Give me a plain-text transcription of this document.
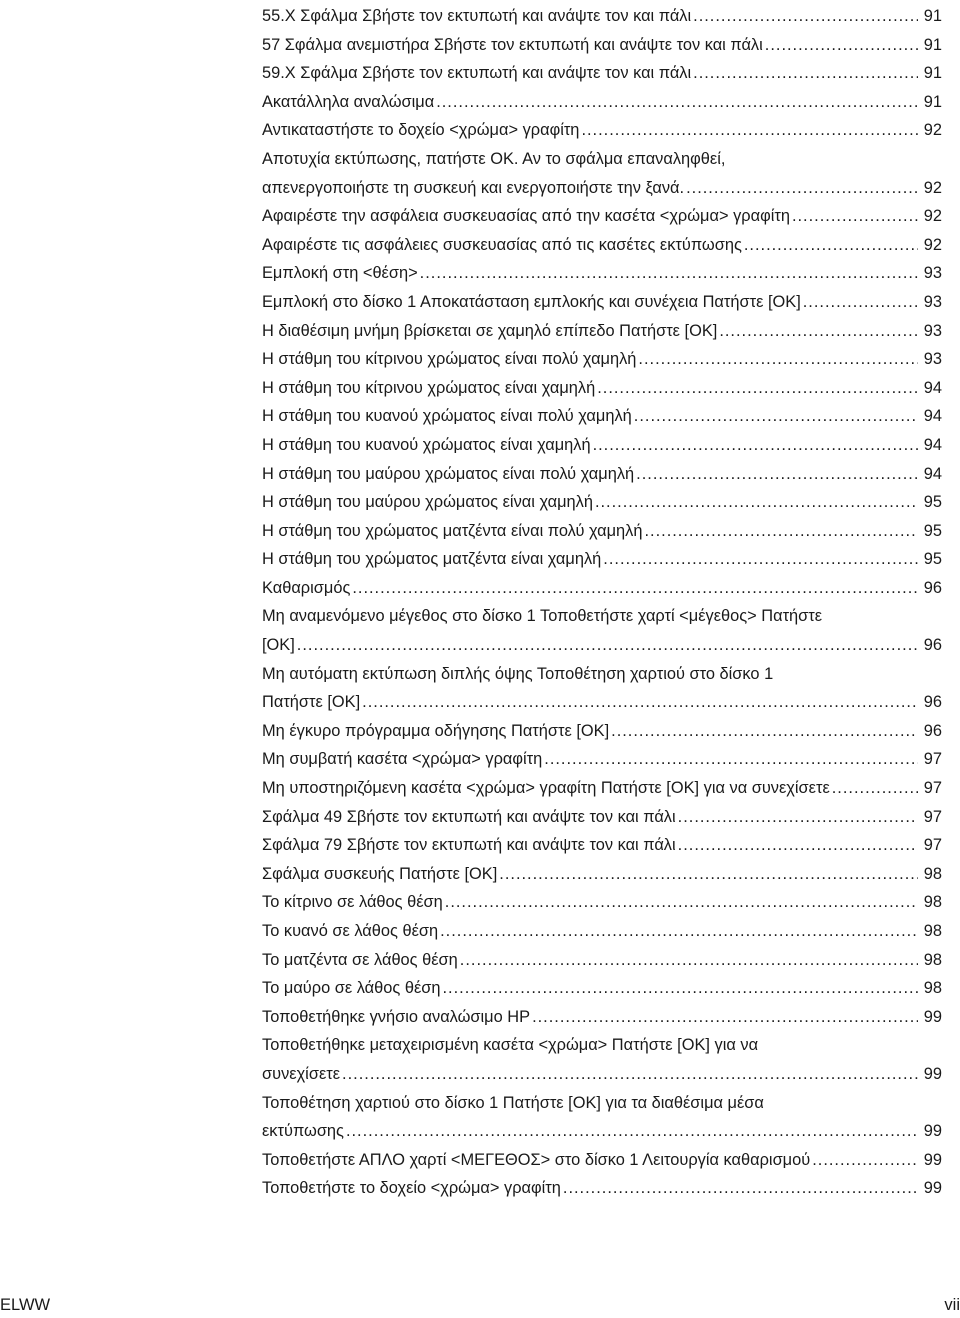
55.Χ Σφάλμα Σβήστε τον εκτυπωτή και ανάψτε τον και πάλι .....	91
57 Σφάλμα ανεμιστήρα Σβήστε τον εκτυπωτή και ανάψτε τον και πάλι .....	91
59.Χ Σφάλμα Σβήστε τον εκτυπωτή και ανάψτε τον και πάλι .....	91
Ακατάλληλα αναλώσιμα .....	91
Αντικαταστήστε το δοχείο <χρώμα> γραφίτη .....	92
Αποτυχία εκτύπωσης, πατήστε ΟΚ. Αν το σφάλμα επαναληφθεί,
απενεργοποιήστε τη συσκευή και ενεργοποιήστε την ξανά. .....	92
Αφαιρέστε την ασφάλεια συσκευασίας από την κασέτα <χρώμα> γραφίτη .....	92
Αφαιρέστε τις ασφάλειες συσκευασίας από τις κασέτες εκτύπωσης .....	92
Εμπλοκή στη <θέση> .....	93
Εμπλοκή στο δίσκο 1 Αποκατάσταση εμπλοκής και συνέχεια Πατήστε [OK] .....	93
Η διαθέσιμη μνήμη βρίσκεται σε χαμηλό επίπεδο Πατήστε [OK] .....	93
Η στάθμη του κίτρινου χρώματος είναι πολύ χαμηλή .....	93
Η στάθμη του κίτρινου χρώματος είναι χαμηλή .....	94
Η στάθμη του κυανού χρώματος είναι πολύ χαμηλή .....	94
Η στάθμη του κυανού χρώματος είναι χαμηλή .....	94
Η στάθμη του μαύρου χρώματος είναι πολύ χαμηλή .....	94
Η στάθμη του μαύρου χρώματος είναι χαμηλή .....	95
Η στάθμη του χρώματος ματζέντα είναι πολύ χαμηλή .....	95
Η στάθμη του χρώματος ματζέντα είναι χαμηλή .....	95
Καθαρισμός .....	96
Μη αναμενόμενο μέγεθος στο δίσκο 1 Τοποθετήστε χαρτί <μέγεθος> Πατήστε
[OK] .....	96
Μη αυτόματη εκτύπωση διπλής όψης Τοποθέτηση χαρτιού στο δίσκο 1
Πατήστε [OK] .....	96
Μη έγκυρο πρόγραμμα οδήγησης Πατήστε [OK] .....	96
Μη συμβατή κασέτα <χρώμα> γραφίτη .....	97
Μη υποστηριζόμενη κασέτα <χρώμα> γραφίτη Πατήστε [OK] για να συνεχίσετε .....	97
Σφάλμα 49 Σβήστε τον εκτυπωτή και ανάψτε τον και πάλι .....	97
Σφάλμα 79 Σβήστε τον εκτυπωτή και ανάψτε τον και πάλι .....	97
Σφάλμα συσκευής Πατήστε [OK] .....	98
Το κίτρινο σε λάθος θέση .....	98
Το κυανό σε λάθος θέση .....	98
Το ματζέντα σε λάθος θέση .....	98
Το μαύρο σε λάθος θέση .....	98
Τοποθετήθηκε γνήσιο αναλώσιμο HP .....	99
Τοποθετήθηκε μεταχειρισμένη κασέτα <χρώμα> Πατήστε [OK] για να
συνεχίσετε .....	99
Τοποθέτηση χαρτιού στο δίσκο 1 Πατήστε [OK] για τα διαθέσιμα μέσα
εκτύπωσης .....	99
Τοποθετήστε ΑΠΛΟ χαρτί <ΜΕΓΕΘΟΣ> στο δίσκο 1 Λειτουργία καθαρισμού .....	99
Τοποθετήστε το δοχείο <χρώμα> γραφίτη .....	99
ELWW	vii
